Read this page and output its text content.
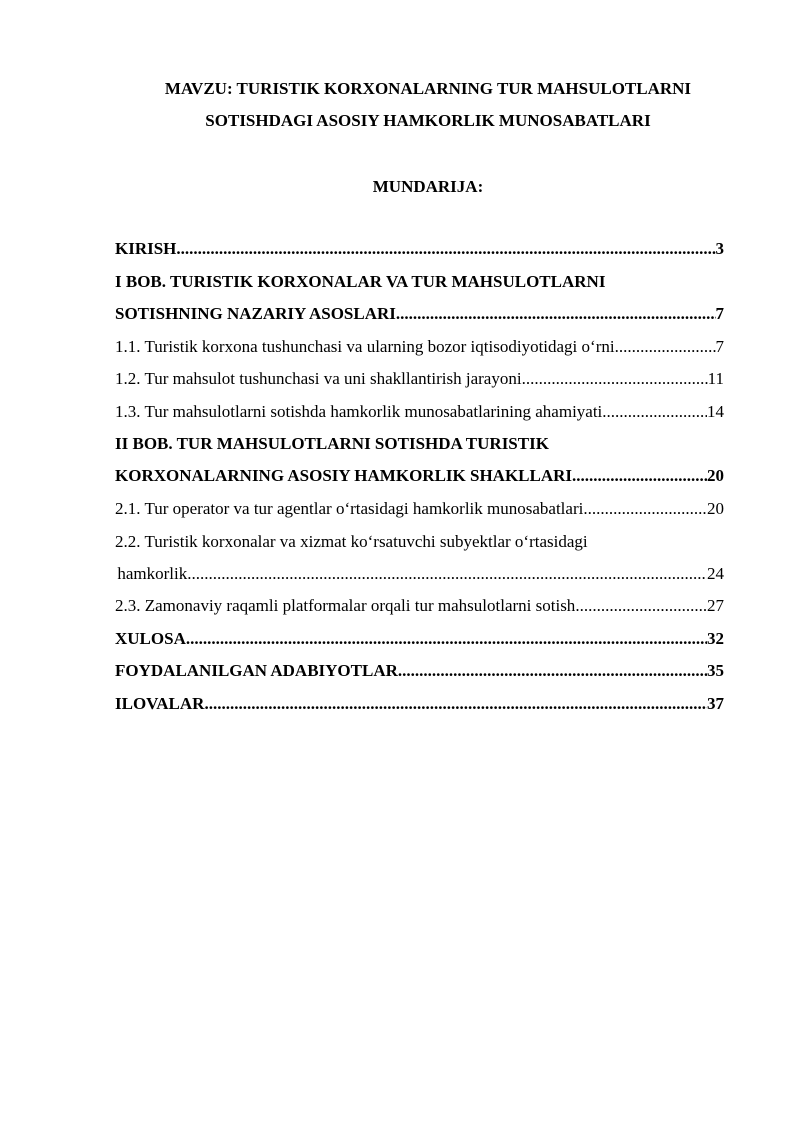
MAVZU: TURISTIK KORXONALARNING TUR MAHSULOTLARNI
SOTISHDAGI ASOSIY HAMKORLIK MUNOSABATLARI
MUNDARIJA:
KIRISH .....	3
I BOB. TURISTIK KORXONALAR VA TUR MAHSULOTLARNI
SOTISHNING NAZARIY ASOSLARI .....	7
1.1. Turistik korxona tushunchasi va ularning bozor iqtisodiyotidagi o‘rni .....	7
1.2. Tur mahsulot tushunchasi va uni shakllantirish jarayoni .....	11
1.3. Tur mahsulotlarni sotishda hamkorlik munosabatlarining ahamiyati .....	14
II BOB. TUR MAHSULOTLARNI SOTISHDA TURISTIK
KORXONALARNING ASOSIY HAMKORLIK SHAKLLARI .....	20
2.1. Tur operator va tur agentlar o‘rtasidagi hamkorlik munosabatlari .....	20
2.2. Turistik korxonalar va xizmat ko‘rsatuvchi subyektlar o‘rtasidagi
hamkorlik .....	24
2.3. Zamonaviy raqamli platformalar orqali tur mahsulotlarni sotish .....	27
XULOSA .....	32
FOYDALANILGAN ADABIYOTLAR .....	35
ILOVALAR .....	37
